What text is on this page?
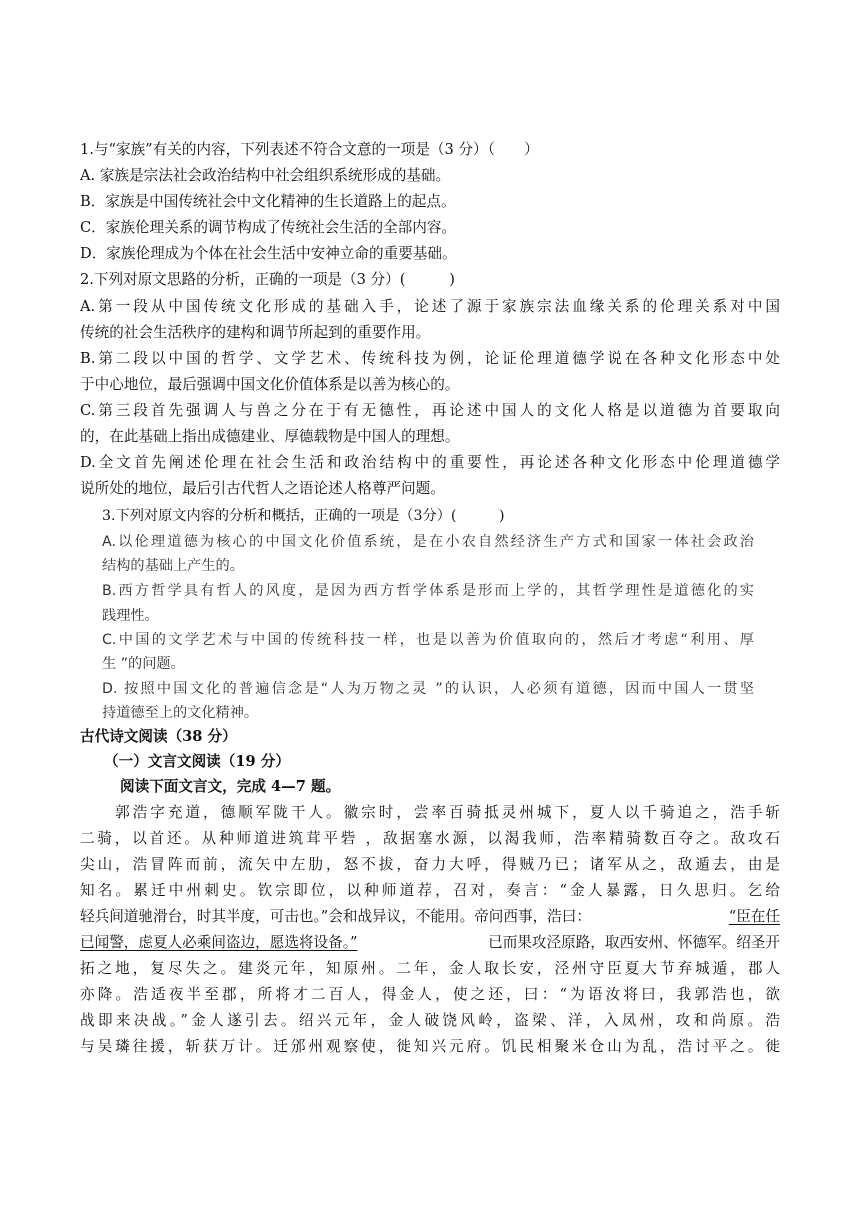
1.与“家族”有关的内容，下列表述不符合文意的一项是（3 分）（　　）
A. 家族是宗法社会政治结构中社会组织系统形成的基础。
B．家族是中国传统社会中文化精神的生长道路上的起点。
C．家族伦理关系的调节构成了传统社会生活的全部内容。
D．家族伦理成为个体在社会生活中安神立命的重要基础。
2.下列对原文思路的分析，正确的一项是（3 分）(　　　)
A.第一段从中国传统文化形成的基础入手，论述了源于家族宗法血缘关系的伦理关系对中国
传统的社会生活秩序的建构和调节所起到的重要作用。
B.第二段以中国的哲学、文学艺术、传统科技为例，论证伦理道德学说在各种文化形态中处
于中心地位，最后强调中国文化价值体系是以善为核心的。
C.第三段首先强调人与兽之分在于有无德性，再论述中国人的文化人格是以道德为首要取向
的，在此基础上指出成德建业、厚德载物是中国人的理想。
D.全文首先阐述伦理在社会生活和政治结构中的重要性，再论述各种文化形态中伦理道德学
说所处的地位，最后引古代哲人之语论述人格尊严问题。
3.下列对原文内容的分析和概括，正确的一项是（3分）(　　　)
A.以伦理道德为核心的中国文化价值系统，是在小农自然经济生产方式和国家一体社会政治
结构的基础上产生的。
B.西方哲学具有哲人的风度，是因为西方哲学体系是形而上学的，其哲学理性是道德化的实
践理性。
C.中国的文学艺术与中国的传统科技一样，也是以善为价值取向的，然后才考虑“利用、厚
生 ”的问题。
D. 按照中国文化的普遍信念是“人为万物之灵 ”的认识，人必须有道德，因而中国人一贯坚
持道德至上的文化精神。
古代诗文阅读（38 分）
（一）文言文阅读（19 分）
阅读下面文言文，完成 4—7 题。
　　郭浩字充道，德顺军陇干人。徽宗时，尝率百骑抵灵州城下，夏人以千骑追之，浩手斩
二骑，以首还。从种师道进筑茸平砦 ，敌据塞水源，以渴我师，浩率精骑数百夺之。敌攻石
尖山，浩冒阵而前，流矢中左肋，怒不拔，奋力大呼，得贼乃已；诸军从之，敌遁去，由是
知名。累迁中州刺史。钦宗即位，以种师道荐，召对，奏言：“金人暴露，日久思归。乞给
轻兵间道驰滑台，时其半度，可击也。”会和战异议，不能用。帝问西事，浩曰：	“臣在任
已闻警，虑夏人必乘间盗边，愿选将设备。”	已而果攻泾原路，取西安州、怀德军。绍圣开
拓之地，复尽失之。建炎元年，知原州。二年，金人取长安，泾州守臣夏大节弃城遁，郡人
亦降。浩适夜半至郡，所将才二百人，得金人，使之还，曰：“为语汝将曰，我郭浩也，欲
战即来决战。”金人遂引去。绍兴元年，金人破饶风岭，盗梁、洋，入凤州，攻和尚原。浩
与吴璘往援，斩获万计。迁邠州观察使，徙知兴元府。饥民相聚米仓山为乱，浩讨平之。徙
